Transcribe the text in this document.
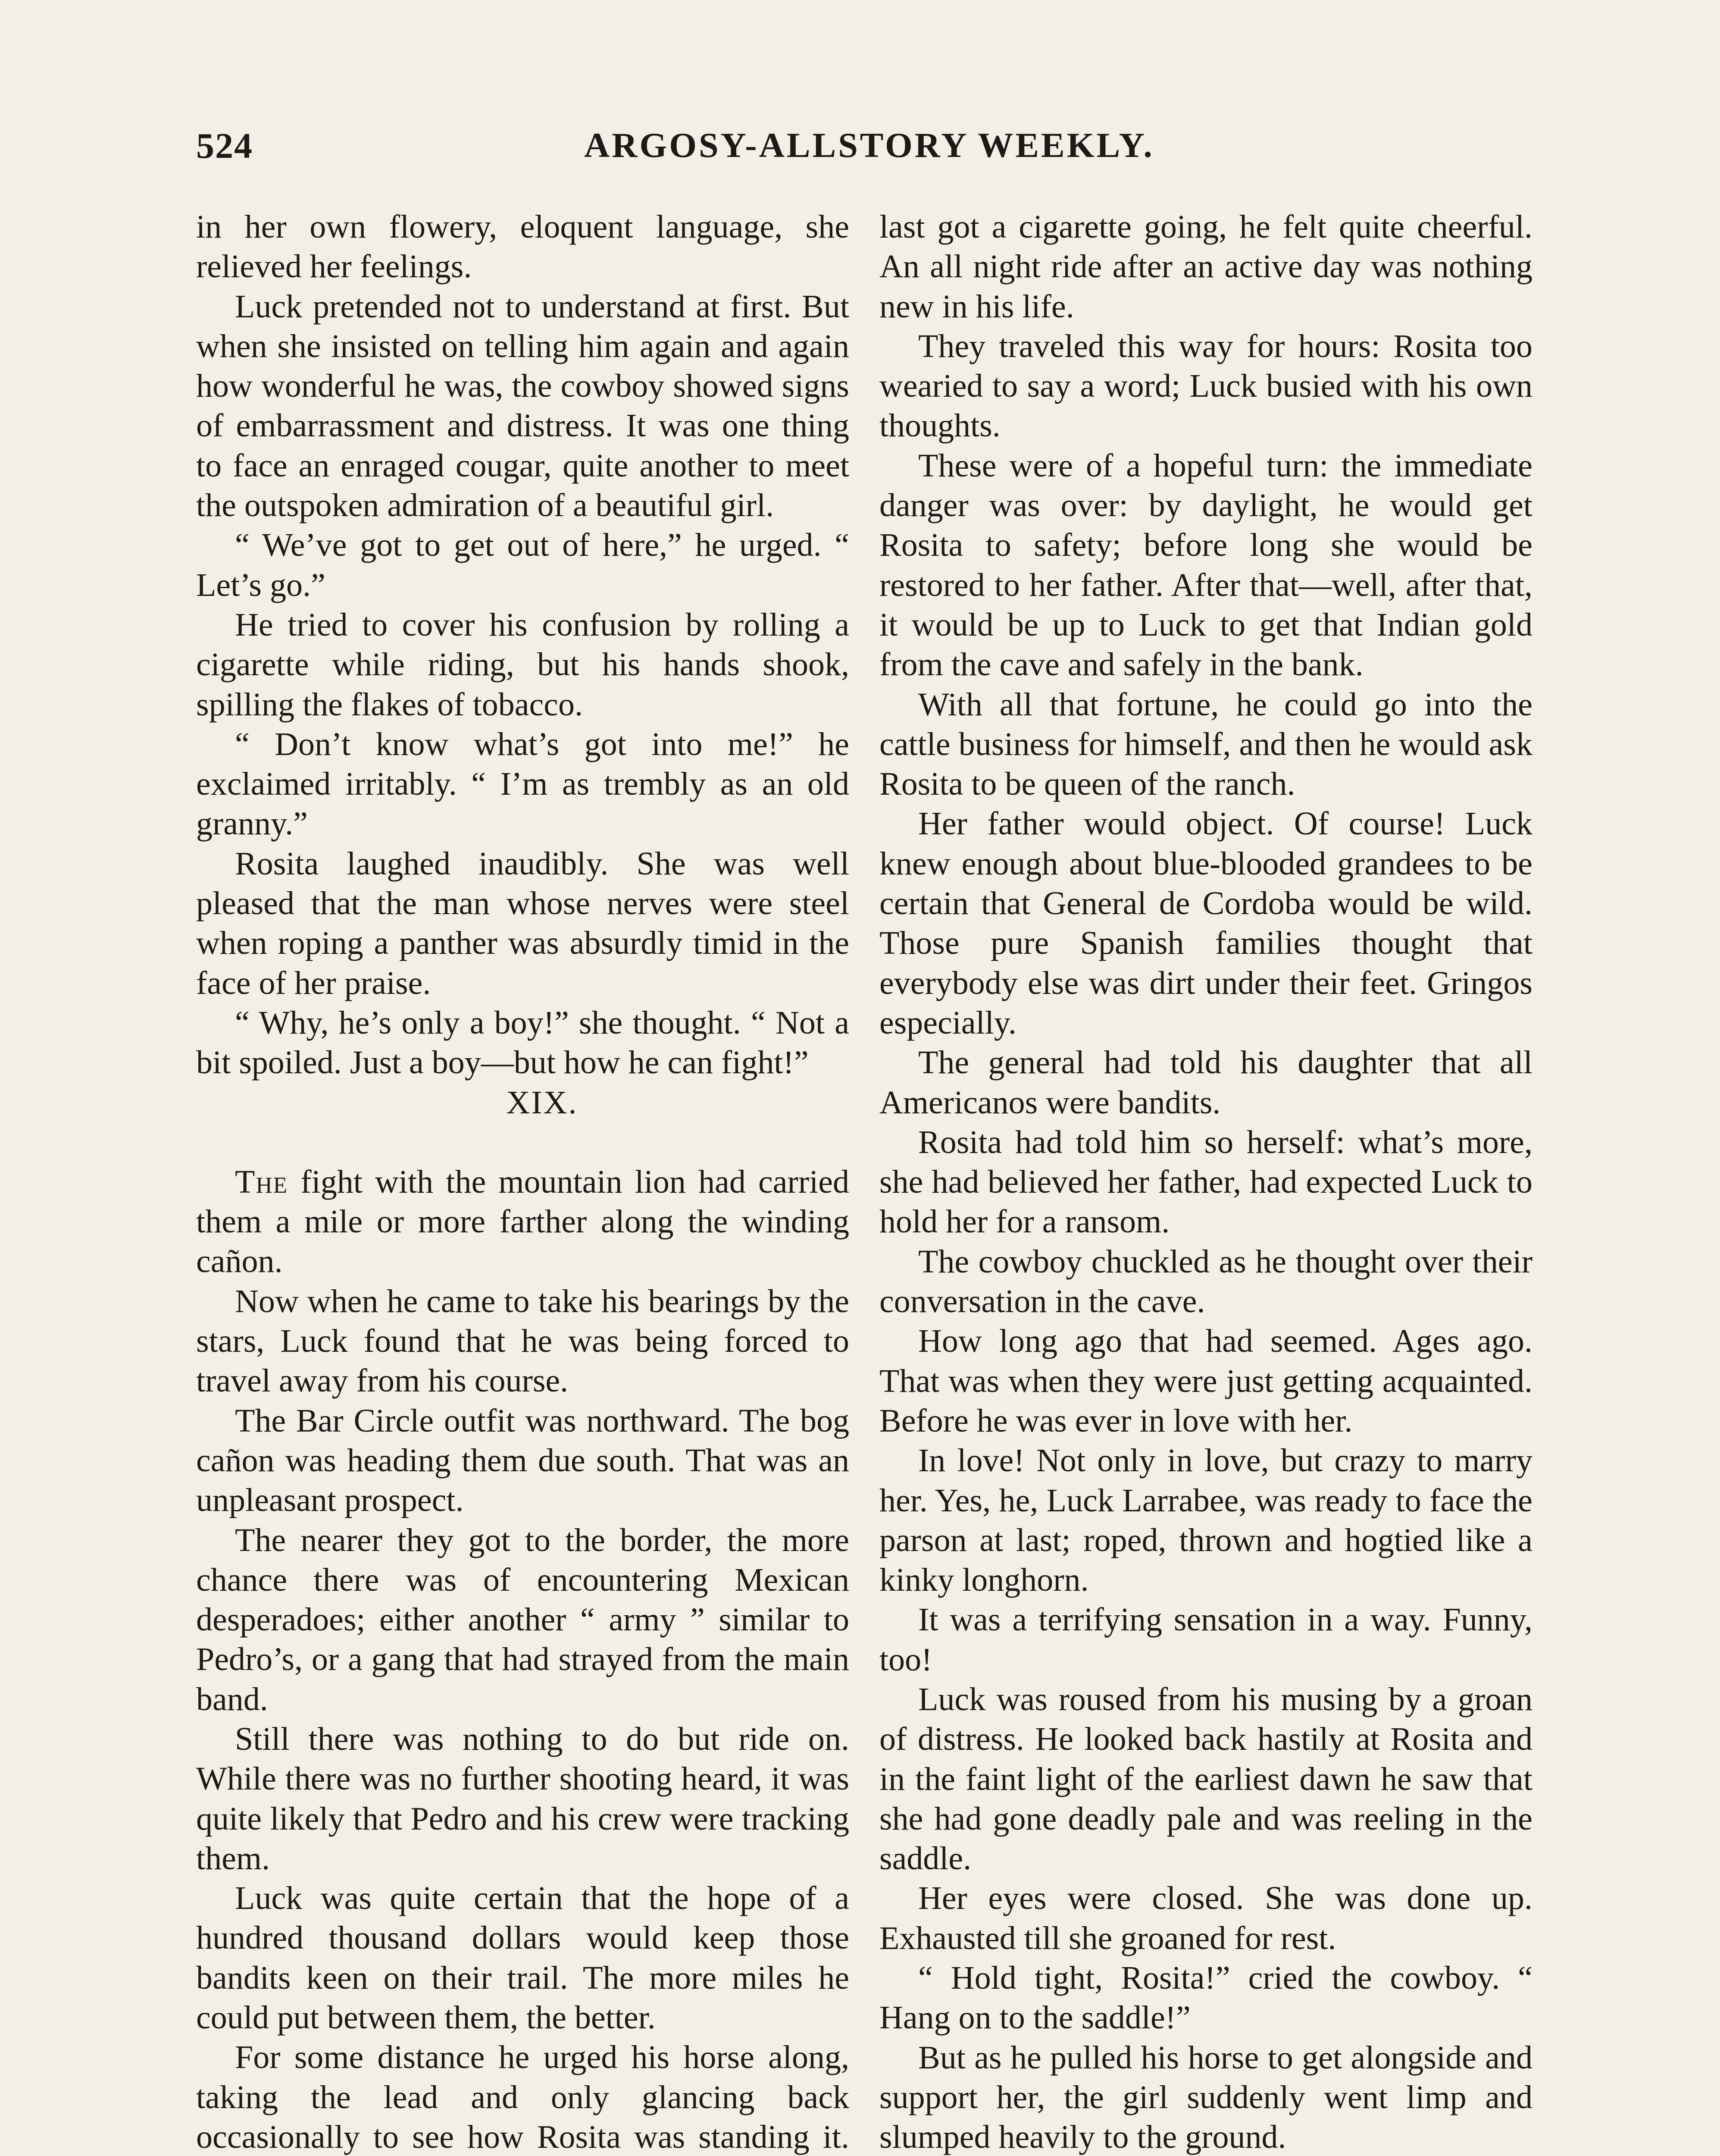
524	ARGOSY-ALLSTORY WEEKLY.

in her own flowery, eloquent language, she relieved her feelings.

Luck pretended not to understand at first. But when she insisted on telling him again and again how wonderful he was, the cowboy showed signs of embarrassment and distress. It was one thing to face an enraged cougar, quite another to meet the outspoken admiration of a beautiful girl.

“ We’ve got to get out of here,” he urged. “ Let’s go.”

He tried to cover his confusion by rolling a cigarette while riding, but his hands shook, spilling the flakes of tobacco.

“ Don’t know what’s got into me!” he exclaimed irritably. “ I’m as trembly as an old granny.”

Rosita laughed inaudibly. She was well pleased that the man whose nerves were steel when roping a panther was absurdly timid in the face of her praise.

“ Why, he’s only a boy!” she thought. “ Not a bit spoiled. Just a boy—but how he can fight!”

XIX.

The fight with the mountain lion had carried them a mile or more farther along the winding cañon.

Now when he came to take his bearings by the stars, Luck found that he was being forced to travel away from his course.

The Bar Circle outfit was northward. The bog cañon was heading them due south. That was an unpleasant prospect.

The nearer they got to the border, the more chance there was of encountering Mexican desperadoes; either another “ army ” similar to Pedro’s, or a gang that had strayed from the main band.

Still there was nothing to do but ride on. While there was no further shooting heard, it was quite likely that Pedro and his crew were tracking them.

Luck was quite certain that the hope of a hundred thousand dollars would keep those bandits keen on their trail. The more miles he could put between them, the better.

For some distance he urged his horse along, taking the lead and only glancing back occasionally to see how Rosita was standing it.

last got a cigarette going, he felt quite cheerful. An all night ride after an active day was nothing new in his life.

They traveled this way for hours: Rosita too wearied to say a word; Luck busied with his own thoughts.

These were of a hopeful turn: the immediate danger was over: by daylight, he would get Rosita to safety; before long she would be restored to her father. After that—well, after that, it would be up to Luck to get that Indian gold from the cave and safely in the bank.

With all that fortune, he could go into the cattle business for himself, and then he would ask Rosita to be queen of the ranch.

Her father would object. Of course! Luck knew enough about blue-blooded grandees to be certain that General de Cordoba would be wild. Those pure Spanish families thought that everybody else was dirt under their feet. Gringos especially.

The general had told his daughter that all Americanos were bandits.

Rosita had told him so herself: what’s more, she had believed her father, had expected Luck to hold her for a ransom.

The cowboy chuckled as he thought over their conversation in the cave.

How long ago that had seemed. Ages ago. That was when they were just getting acquainted. Before he was ever in love with her.

In love! Not only in love, but crazy to marry her. Yes, he, Luck Larrabee, was ready to face the parson at last; roped, thrown and hogtied like a kinky longhorn.

It was a terrifying sensation in a way. Funny, too!

Luck was roused from his musing by a groan of distress. He looked back hastily at Rosita and in the faint light of the earliest dawn he saw that she had gone deadly pale and was reeling in the saddle.

Her eyes were closed. She was done up. Exhausted till she groaned for rest.

“ Hold tight, Rosita!” cried the cowboy. “ Hang on to the saddle!”

But as he pulled his horse to get alongside and support her, the girl suddenly went limp and slumped heavily to the ground.
